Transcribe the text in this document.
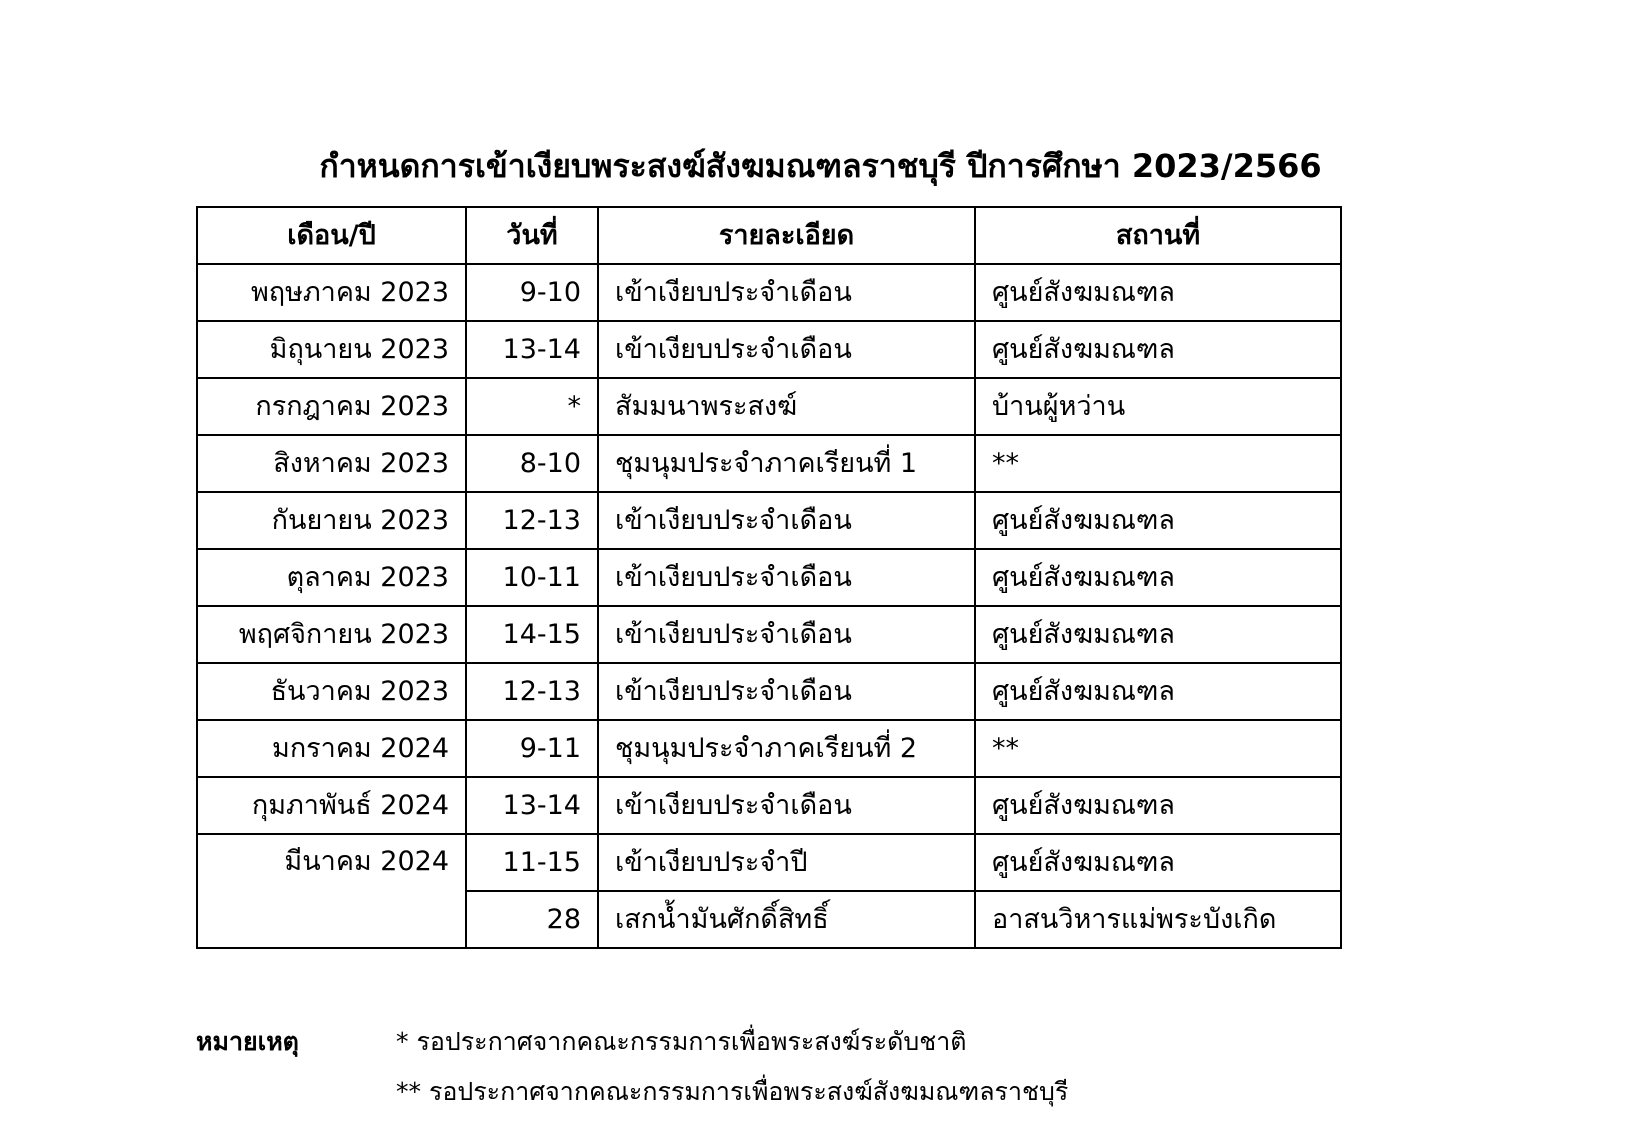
กำหนดการเข้าเงียบพระสงฆ์สังฆมณฑลราชบุรี ปีการศึกษา 2023/2566
เดือน/ปี	วันที่	รายละเอียด	สถานที่
พฤษภาคม 2023	9-10	เข้าเงียบประจำเดือน	ศูนย์สังฆมณฑล
มิถุนายน 2023	13-14	เข้าเงียบประจำเดือน	ศูนย์สังฆมณฑล
กรกฎาคม 2023	*	สัมมนาพระสงฆ์	บ้านผู้หว่าน
สิงหาคม 2023	8-10	ชุมนุมประจำภาคเรียนที่ 1	**
กันยายน 2023	12-13	เข้าเงียบประจำเดือน	ศูนย์สังฆมณฑล
ตุลาคม 2023	10-11	เข้าเงียบประจำเดือน	ศูนย์สังฆมณฑล
พฤศจิกายน 2023	14-15	เข้าเงียบประจำเดือน	ศูนย์สังฆมณฑล
ธันวาคม 2023	12-13	เข้าเงียบประจำเดือน	ศูนย์สังฆมณฑล
มกราคม 2024	9-11	ชุมนุมประจำภาคเรียนที่ 2	**
กุมภาพันธ์ 2024	13-14	เข้าเงียบประจำเดือน	ศูนย์สังฆมณฑล
มีนาคม 2024	11-15	เข้าเงียบประจำปี	ศูนย์สังฆมณฑล
	28	เสกน้ำมันศักดิ์สิทธิ์	อาสนวิหารแม่พระบังเกิด
หมายเหตุ	* รอประกาศจากคณะกรรมการเพื่อพระสงฆ์ระดับชาติ
** รอประกาศจากคณะกรรมการเพื่อพระสงฆ์สังฆมณฑลราชบุรี
